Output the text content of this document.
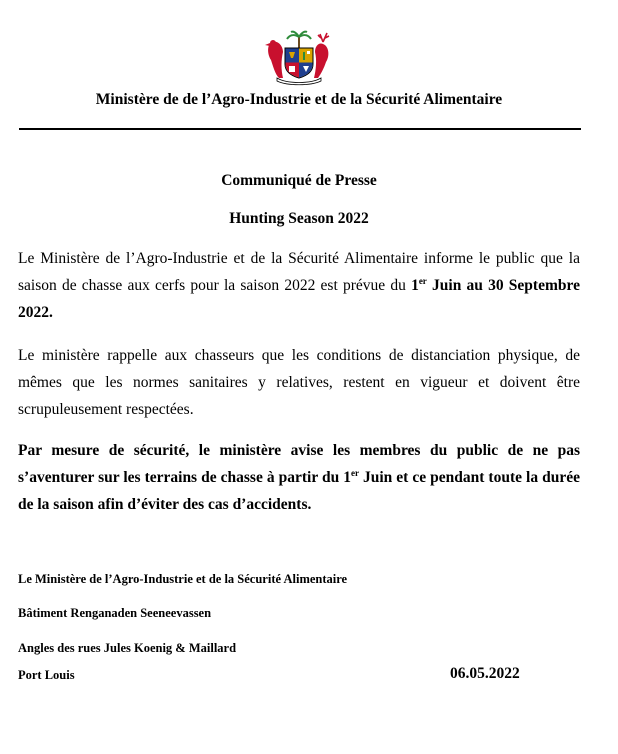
Ministère de de l’Agro-Industrie et de la Sécurité Alimentaire
Communiqué de Presse
Hunting Season 2022
Le Ministère de l’Agro-Industrie et de la Sécurité Alimentaire informe le public que la saison de chasse aux cerfs pour la saison 2022 est prévue du 1er Juin au 30 Septembre 2022.
Le ministère rappelle aux chasseurs que les conditions de distanciation physique, de mêmes que les normes sanitaires y relatives, restent en vigueur et doivent être scrupuleusement respectées.
Par mesure de sécurité, le ministère avise les membres du public de ne pas s’aventurer sur les terrains de chasse à partir du 1er Juin et ce pendant toute la durée de la saison afin d’éviter des cas d’accidents.
Le Ministère de l’Agro-Industrie et de la Sécurité Alimentaire
Bâtiment Renganaden Seeneevassen
Angles des rues Jules Koenig & Maillard
Port Louis	06.05.2022
